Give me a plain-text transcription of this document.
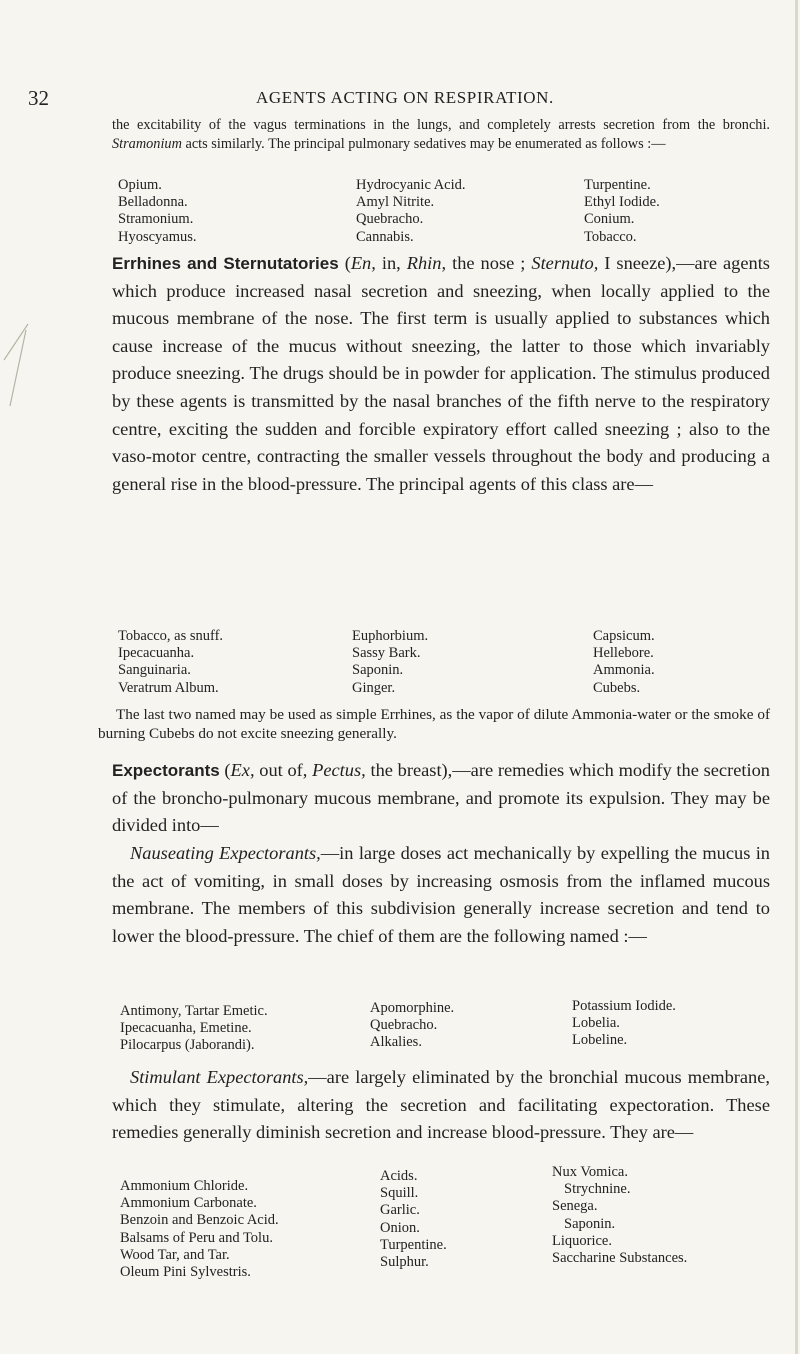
32	AGENTS ACTING ON RESPIRATION.
the excitability of the vagus terminations in the lungs, and completely arrests secretion from the bronchi. Stramonium acts similarly. The principal pulmonary sedatives may be enumerated as follows :—
Opium.
Belladonna.
Stramonium.
Hyoscyamus.
Hydrocyanic Acid.
Amyl Nitrite.
Quebracho.
Cannabis.
Turpentine.
Ethyl Iodide.
Conium.
Tobacco.
Errhines and Sternutatories (En, in, Rhin, the nose ; Sternuto, I sneeze),—are agents which produce increased nasal secretion and sneezing, when locally applied to the mucous membrane of the nose. The first term is usually applied to substances which cause increase of the mucus without sneezing, the latter to those which invariably produce sneezing. The drugs should be in powder for application. The stimulus produced by these agents is transmitted by the nasal branches of the fifth nerve to the respiratory centre, exciting the sudden and forcible expiratory effort called sneezing ; also to the vaso-motor centre, contracting the smaller vessels throughout the body and producing a general rise in the blood-pressure. The principal agents of this class are—
Tobacco, as snuff.
Ipecacuanha.
Sanguinaria.
Veratrum Album.
Euphorbium.
Sassy Bark.
Saponin.
Ginger.
Capsicum.
Hellebore.
Ammonia.
Cubebs.
The last two named may be used as simple Errhines, as the vapor of dilute Ammonia-water or the smoke of burning Cubebs do not excite sneezing generally.
Expectorants (Ex, out of, Pectus, the breast),—are remedies which modify the secretion of the broncho-pulmonary mucous membrane, and promote its expulsion. They may be divided into—
Nauseating Expectorants,—in large doses act mechanically by expelling the mucus in the act of vomiting, in small doses by increasing osmosis from the inflamed mucous membrane. The members of this subdivision generally increase secretion and tend to lower the blood-pressure. The chief of them are the following named :—
Antimony, Tartar Emetic.
Ipecacuanha, Emetine.
Pilocarpus (Jaborandi).
Apomorphine.
Quebracho.
Alkalies.
Potassium Iodide.
Lobelia.
Lobeline.
Stimulant Expectorants,—are largely eliminated by the bronchial mucous membrane, which they stimulate, altering the secretion and facilitating expectoration. These remedies generally diminish secretion and increase blood-pressure. They are—
Ammonium Chloride.
Ammonium Carbonate.
Benzoin and Benzoic Acid.
Balsams of Peru and Tolu.
Wood Tar, and Tar.
Oleum Pini Sylvestris.
Acids.
Squill.
Garlic.
Onion.
Turpentine.
Sulphur.
Nux Vomica.
Strychnine.
Senega.
Saponin.
Liquorice.
Saccharine Substances.
